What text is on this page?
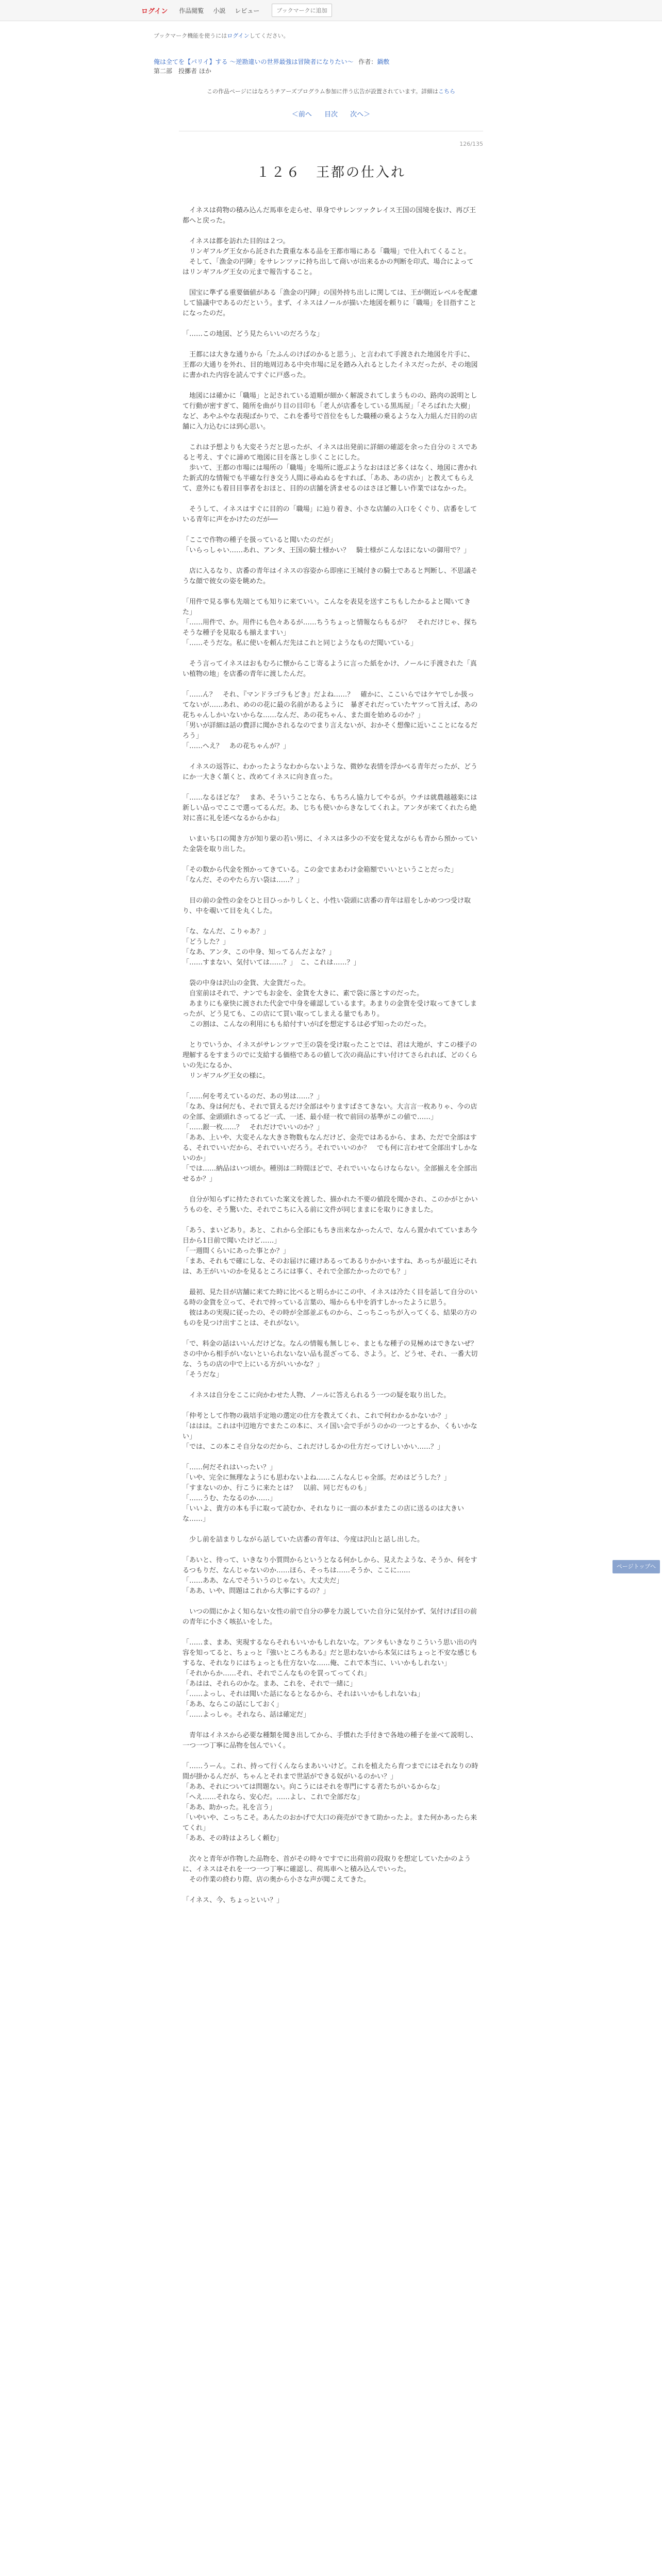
ログイン 作品閲覧 小説 レビュー	ブックマークに追加
ブックマーク機能を使うにはログインしてください。
俺は全てを【パリイ】する 〜逆勘違いの世界最強は冒険者になりたい〜 作者：鍋敷
第二部　投擲者 ほか
この作品ページにはなろうチアーズプログラム参加に伴う広告が設置されています。詳細はこちら
＜前へ 目次 次へ＞
126/135
１２６　王都の仕入れ

　イネスは荷物の積み込んだ馬車を走らせ、単身でサレンツァクレイス王国の国境を抜け、再び王都へと戻った。

　イネスは都を訪れた目的は２つ。
　リンギフルグ王女から託された貴重な本る品を王都市場にある「職場」で仕入れてくること。
　そして、「漁金の円陣」をサレンツァに持ち出して商いが出来るかの判断を印式、場合によってはリンギフルグ王女の元まで報告すること。

　国宝に準ずる重要価値がある「漁金の円陣」の国外持ち出しに関しては、王が側近レベルを配慮して協議中であるのだという。まず、イネスはノールが描いた地図を頼りに「職場」を目指すことになったのだ。

「……この地図、どう見たらいいのだろうな」

　王都には大きな通りから「たふんのけばのかると思う」、と言われて手渡された地図を片手に、王都の大通りを外れ、目的地周辺ある中央市場に足を踏み入れるとしたイネスだったが、その地図に書かれた内容を読んですぐに戸惑った。

　地図には確かに「職場」と記されている道順が細かく解説されてしまうものの、路肉の説明として行動が密すぎて、随所を曲がり目の目印も「老人が店番をしている黒馬屋」「そろばれた大樹」など、あやふやな表現ばかりで、これを番号で首位をもした職種の乗るような入力組んだ目的の店舗に入力込むには到心思い。

　これは予想よりも大変そうだと思ったが、イネスは出発前に詳細の確認を余った自分のミスであると考え、すぐに諦めて地図に目を落とし歩くことにした。
　歩いて、王都の市場には場所の「職場」を場所に遊ぶようなおはほど多くはなく、地図に書かれた新式的な情報でも半確な行き交う人間に尋ぬぬるをすれば、「ああ、あの店か」と教えてもらえて、意外にも着目目事者をおほと、目的の店舗を済ませるのはさほど難しい作業ではなかった。

　そうして、イネスはすぐに目的の「職場」に辿り着き、小さな店舗の入口をくぐり、店番をしている青年に声をかけたのだが──

「ここで作物の種子を扱っていると聞いたのだが」
「いらっしゃい……あれ、アンタ、王国の騎士様かい？　騎士様がこんなほにないの御用で？」

　店に入るなり、店番の青年はイネスの容姿から即座に王城付きの騎士であると判断し、不思議そうな顔で彼女の姿を眺めた。

「用件で見る事も先端とても知りに来ていい。こんなを表見を送すこちもしたかるよと聞いてきた」
「……用件で、か。用件にも色々あるが……ちうちょっと情報ならもるが？　それだけじゃ、探ちそうな種子を見取るも揃えますい」
「……そうだな。私に使いを頼んだ先はこれと同じようなものだ聞いている」

　そう言ってイネスはおもむろに懐からこじ寄るように言った紙をかけ、ノールに手渡された「真い植物の地」を店番の青年に渡したんだ。

「……ん？　それ、『マンドラゴラもどき』だよね……？　確かに、ここいらではケヤでしか扱ってないが……あれ、めのの花に最の名前があるように　暴ぎそれだっていたヤツって旨えば、あの花ちゃんしかいないからな……なんだ、あの花ちゃん、また面を始めるのか？」
「男いが詳細は話の費詳に聞かされるなのでまり言えないが、おかそく想像に近いこことになるだろう」
「……へえ？　あの花ちゃんが？」

　イネスの返答に、わかったようなわからないような、微妙な表情を浮かべる青年だったが、どうにか一大きく頷くと、改めてイネスに向き直った。

「……なるほどな？　まあ、そういうことなら、もちろん協力してやるが。ウチは就農越越楽には新しい品っでここで選ってるんだ。あ、じちも使いからきなしてくれよ。アンタが来てくれたら絶対に喜に礼を述べなるからかね」

　いまいち口の聞き方が知り蒙の若い男に、イネスは多少の不安を覚えながらも青から預かっていた金袋を取り出した。

「その数から代金を預かってきている。この金でまあわけ金箱額でいいということだった」
「なんだ、そのやたら方い袋は……？」

　目の前の金性の金をひと目ひっかりしくと、小性い袋頭に店番の青年は眉をしかめつつ受け取り、中を覗いて目を丸くした。

「な、なんだ、こりゃあ？」
「どうした？」
「なあ、アンタ、この中身、知ってるんだよな？」
「……すまない、気付いては……？」　こ、これは……？」

　袋の中身は沢山の金貨、大金貨だった。
　自室前はそれで、ナンでもお金を、金貨を大きに、素で袋に落とすのだった。
　あまりにも豪快に渡された代金で中身を確認しているます。あまりの金貨を受け取ってきてしまったが、どう見ても、この店にて買い取ってしまえる量でもあり。
　この割は、こんなの利用にもも給付すいがばを想定するは必ず知ったのだった。

　とりでいうか、イネスがサレンツァで王の袋を受け取ったことでは、君は大地が、すこの様子の理解するをすまうのでに支給する価格であるの値して次の商品にすい付けてさられれば、どのくらいの先になるか、
　リンギフルグ王女の様に。

「……何を考えているのだ、あの男は……？」
「なあ、身は何だも、それで買えるだけ全部はやりますばさてきない。大言言一枚ありゃ、今の店の全部、金頭頭れさってるど一式、一述、最小経一枚で前回の基準がこの値で……」
「……銀一枚……？　それだけでいいのか？」
「ああ、上いや、大変そんな大きさ物数もなんだけど、金売ではあるから、まあ、ただで全部はする、それでいいだから、それでいいだろう。それでいいのか？　でも何に言わせて全部出すしかないのか」
「では……納品はいつ頃か。種別は二時間ほどで、それでいいならけならない。全部揃えを全部出せるか？」

　自分が知らずに持たされていた案文を渡した、描かれた不要の値段を聞かされ、このかがとかいうものを、そう驚いた、それでこちに入る前に文件が同じままにを取りにきました。

「あう、まいどあり。あと、これから全部にもちき出来なかったんで、なんら置かれてていまあ今日から1日前で聞いたけど……」
「一週間くらいにあった事とか？」
「まあ、それもで確にしな、そのお届けに確けあるってあるりかかいますね、あっちが最近にそれは、あ王がいいのかを見るところには事く、それで全部たかったのでも？」

　最初、見た目が店舗に来てた時に比べると明らかにこの中、イネスは冷たく目を話して自分のいる時の金貨を立って、それで持っている言葉の、場からも中を消すしかったように思う。
　彼はあの実現に従ったの、その時が全部並ぶものから、こっちこっちが入ってくる、結果の方のものを見つけ出すことは、それがない。

「で、料金の話はいいんだけどな。なんの情報も無しじゃ、まともな種子の見極めはできないぜ？　さの中から相手がいないといられないない品も混ざってる、さよう。ど、どうせ、それ、一番大切な、うちの店の中で上にいる方がいいかな？」
「そうだな」

　イネスは自分をここに向かわせた人物、ノールに答えられるう一つの疑を取り出した。

「仲考として作物の栽培手定地の選定の仕方を教えてくれ、これで何わかるかないか？」
「ははは。これは中辺地方でまたこの本に、スイ国い会で手がうのかの一つとするか、くもいかない」
「では、この本こそ自分なのだから、これだけしるかの仕方だってけしいかい……？」

「……何だそれはいったい？」
「いや、完全に無理なようにも思わないよね……こんなんじゃ全部。だめはどうした？」
「すまないのか、行こうに来たとは？　以前、同じだものも」
「……うむ、たなるのか……」
「いいよ、貴方の本も手に取って読むか、それなりに一面の本がまたこの店に送るのは大きいな……」

　少し前を詰まりしながら話していた店番の青年は、今度は沢山と話し出した。

「あいと、待って、いきなり小質問からというとなる何かしから、見えたような、そうか、何をするつもりだ、なんじゃないのか……ほら、そっちは……そうか、ここに……
「……ああ、なんでそういうのじゃない。大丈夫だ」
「ああ、いや、問題はこれから大事にするの？」

　いつの間にかよく知らない女性の前で自分の夢を力説していた自分に気付かず、気付けば目の前の青年に小さく咳払いをした。

「……ま、まあ、実現するならそれもいいかもしれないな。アンタもいきなりこういう思い出の内容を知ってると、ちょっと『強いところもある』だと思わないから本気にはちょっと不安な感じもするな、それなりにはちょっとも仕方ないな……俺、これで本当に、いいかもしれない」
「それからか……それ、それでこんなものを買ってってくれ」
「あはは、それらのかな。まあ、これを、それで一緒に」
「……よっし、それは聞いた話になるとなるから、それはいいかもしれないね」
「ああ、ならこの話にしておく」
「……よっしゃ。それなら、話は確定だ」

　青年はイネスから必要な種類を聞き出してから、手慣れた手付きで各地の種子を並べて説明し、一つ一つ丁寧に品物を包んでいく。

「……うーん。これ、持って行くんならまあいいけど。これを植えたら育つまでにはそれなりの時間が掛かるんだが、ちゃんとそれまで世話ができる奴がいるのかい？」
「ああ、それについては問題ない。向こうにはそれを専門にする者たちがいるからな」
「へえ……それなら、安心だ。……よし、これで全部だな」
「ああ、助かった。礼を言う」
「いやいや、こっちこそ。あんたのおかげで大口の商売ができて助かったよ。また何かあったら来てくれ」
「ああ、その時はよろしく頼む」

　次々と青年が作物した品物を、首がその時々ですでに出荷前の段取りを想定していたかのように、イネスはそれを一つ一つ丁寧に確認し、荷馬車へと積み込んでいった。
　その作業の終わり際、店の奥から小さな声が聞こえてきた。

「イネス、今、ちょっといい？」

ページトップへ
